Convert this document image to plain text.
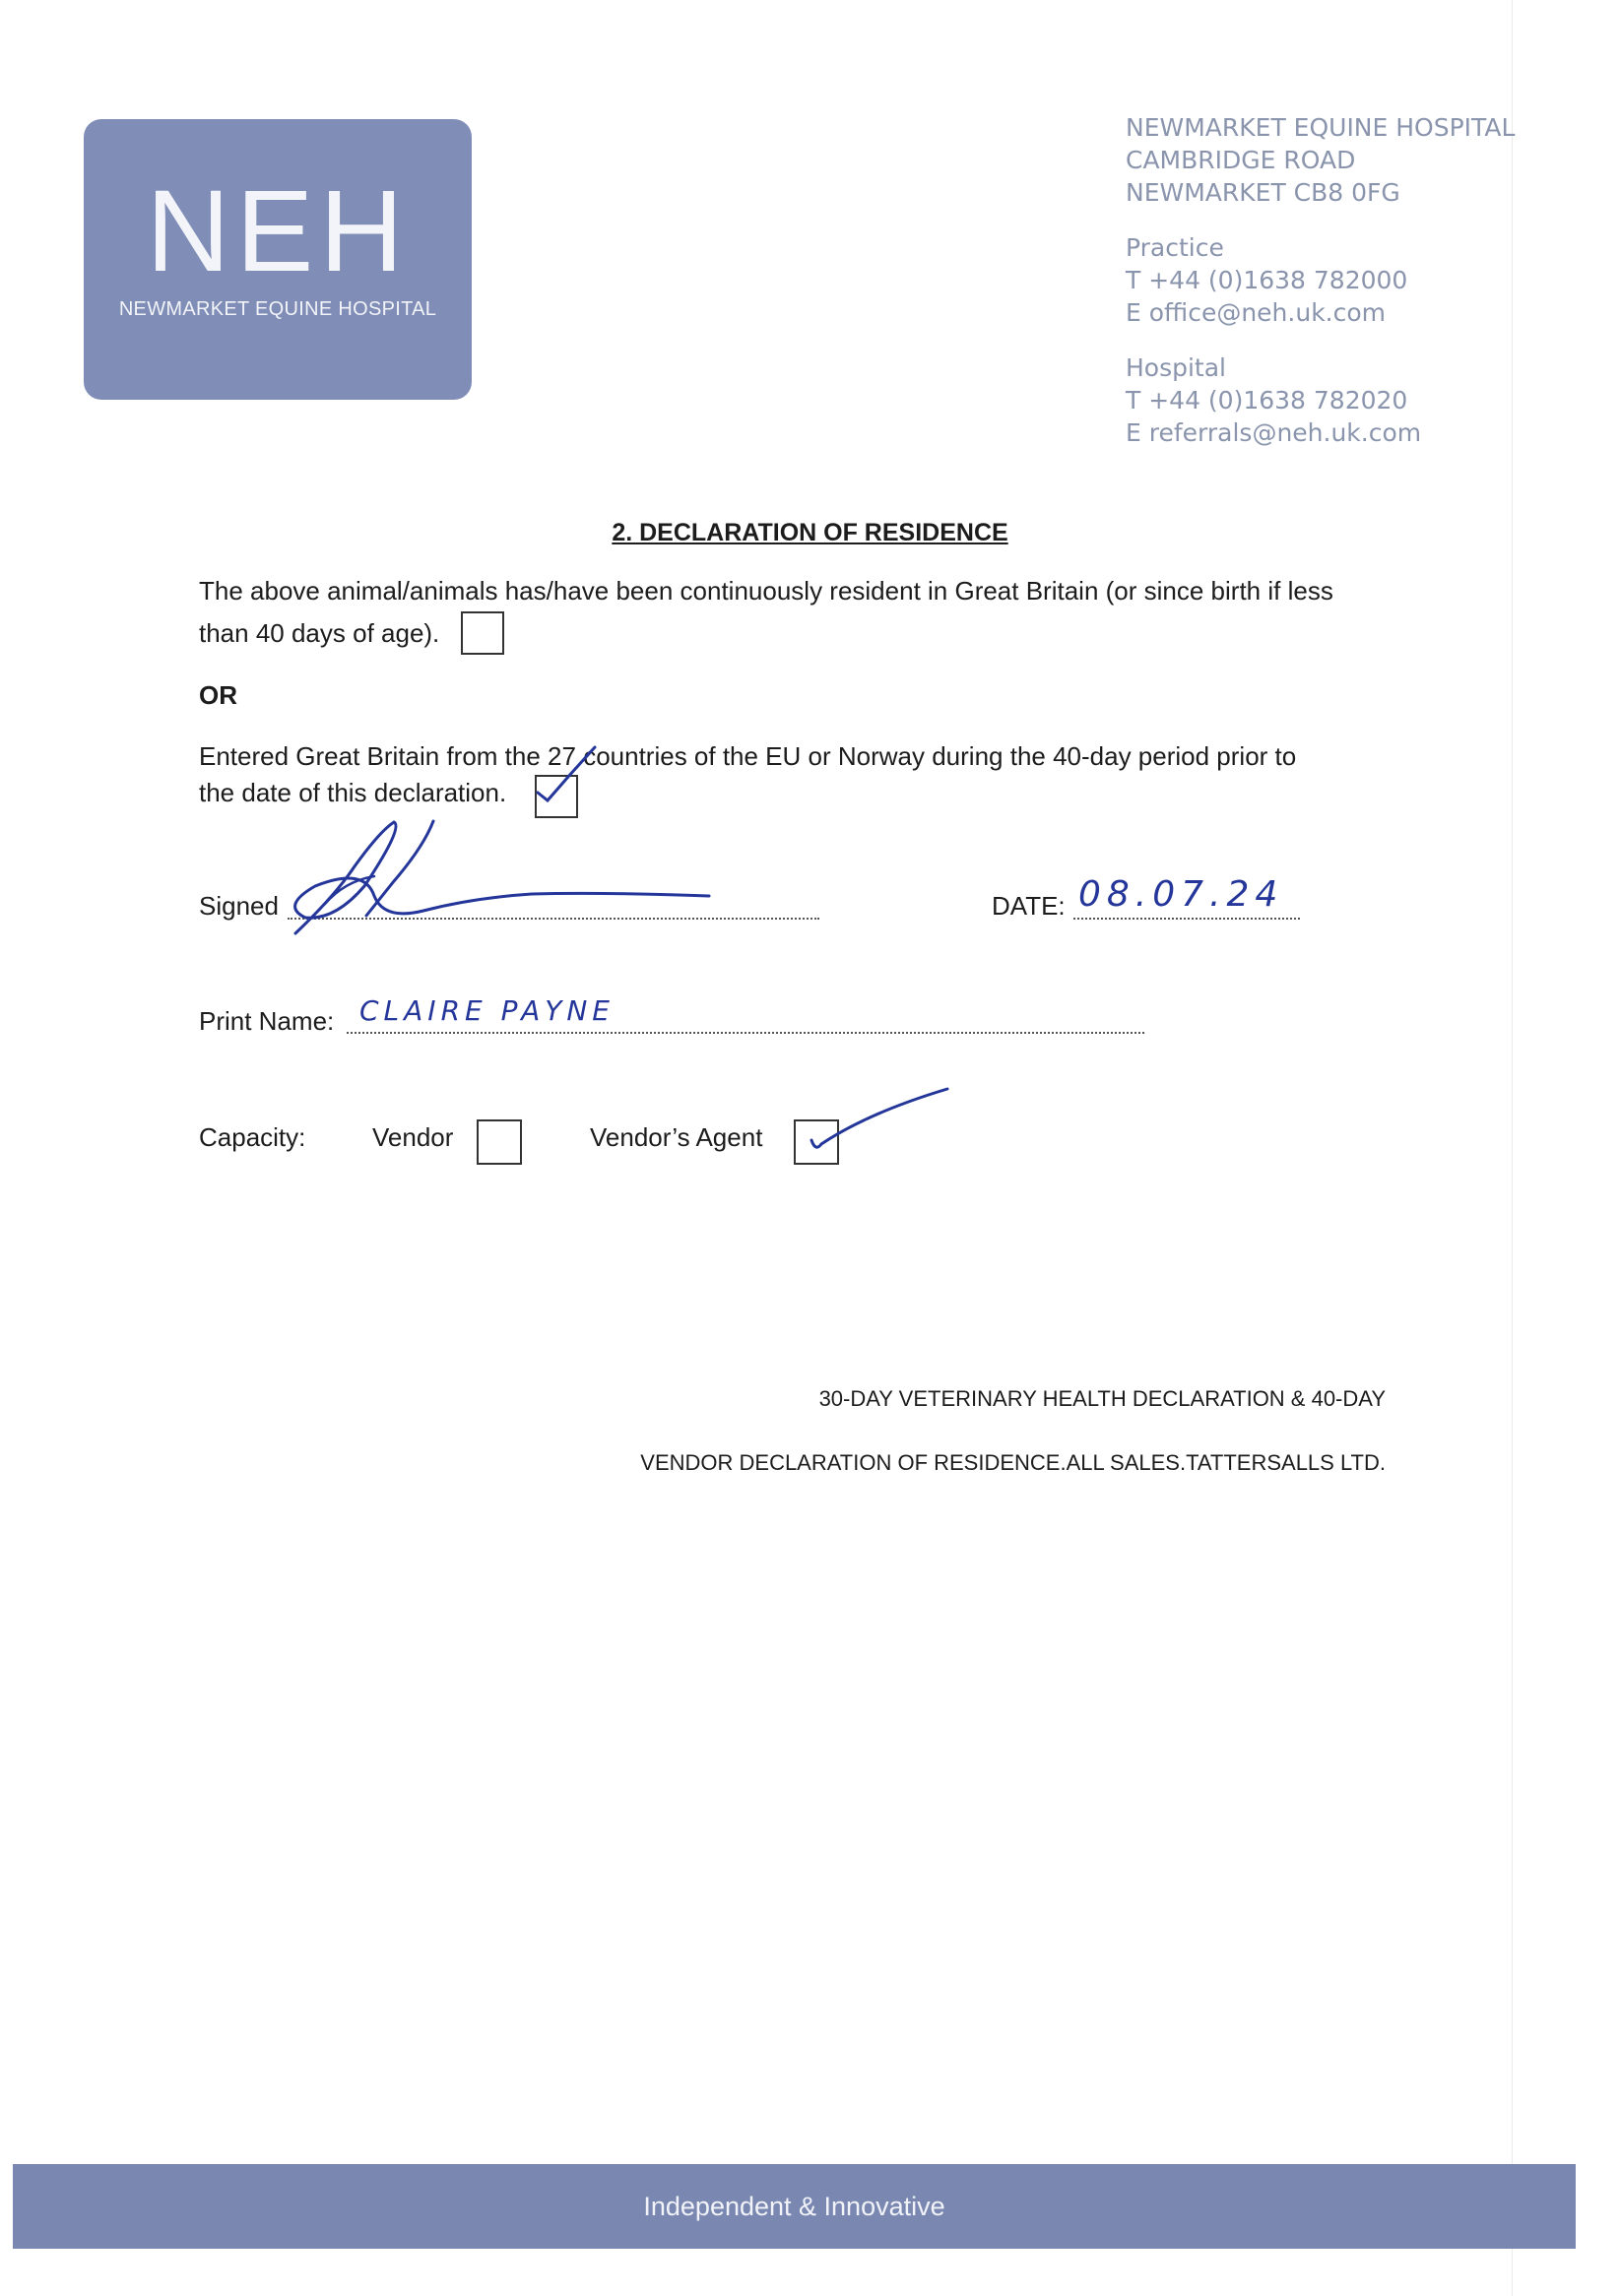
NEH
NEWMARKET EQUINE HOSPITAL
NEWMARKET EQUINE HOSPITAL
CAMBRIDGE ROAD
NEWMARKET CB8 0FG
Practice
T +44 (0)1638 782000
E office@neh.uk.com
Hospital
T +44 (0)1638 782020
E referrals@neh.uk.com
2. DECLARATION OF RESIDENCE
The above animal/animals has/have been continuously resident in Great Britain (or since birth if less
than 40 days of age).
OR
Entered Great Britain from the 27 countries of the EU or Norway during the 40-day period prior to
the date of this declaration.
Signed	DATE: 08.07.24
Print Name: CLAIRE PAYNE
Capacity:	Vendor	Vendor’s Agent
30-DAY VETERINARY HEALTH DECLARATION & 40-DAY
VENDOR DECLARATION OF RESIDENCE.ALL SALES.TATTERSALLS LTD.
Independent & Innovative
